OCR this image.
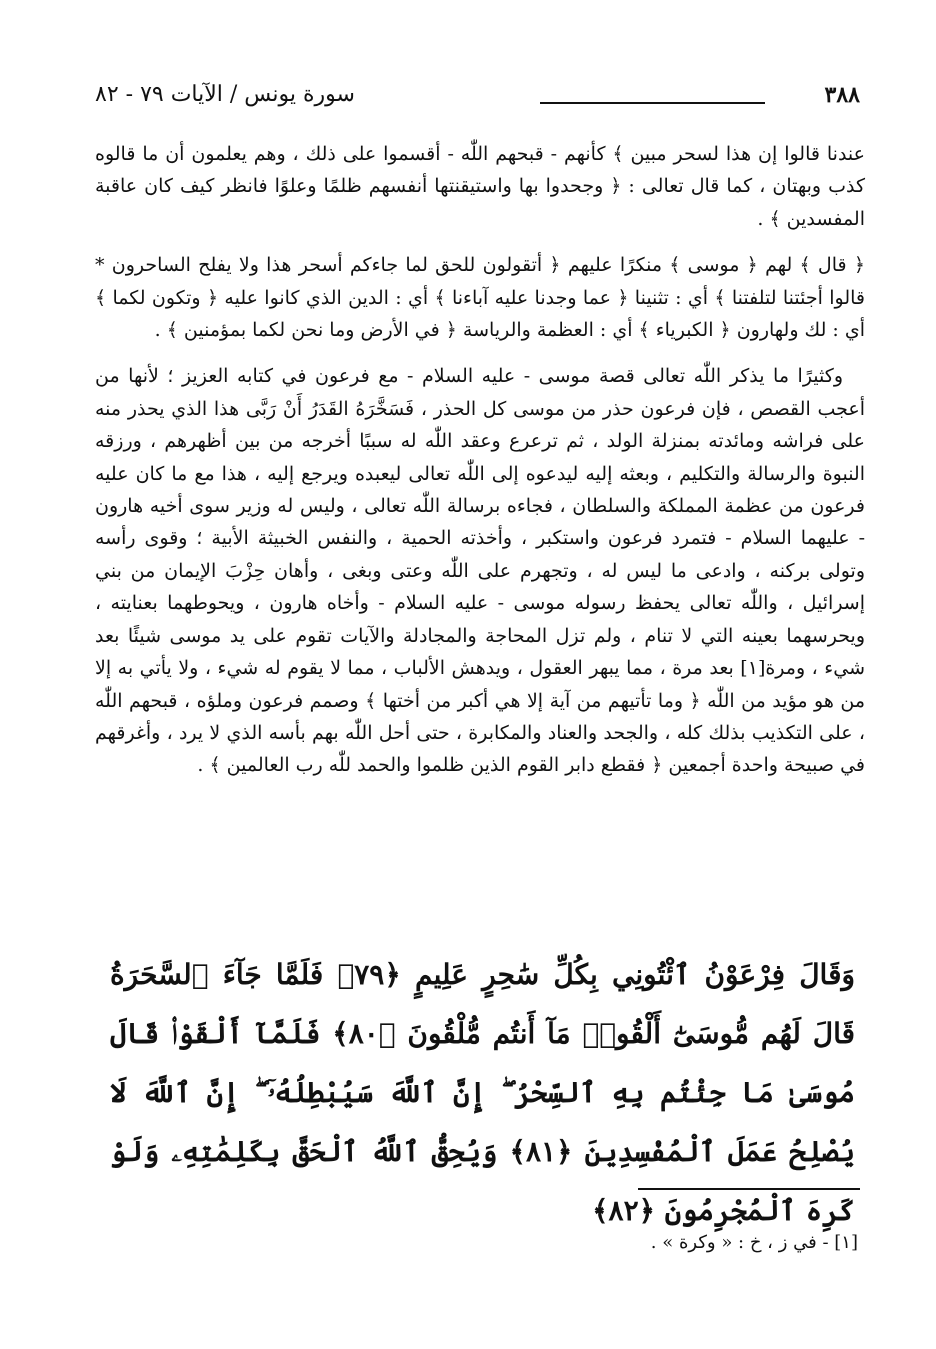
٣٨٨
سورة يونس / الآيات ٧٩ - ٨٢

عندنا قالوا إن هذا لسحر مبين ﴾ كأنهم - قبحهم اللّٰه - أقسموا على ذلك ، وهم يعلمون أن ما قالوه كذب وبهتان ، كما قال تعالى : ﴿ وجحدوا بها واستيقنتها أنفسهم ظلمًا وعلوًا فانظر كيف كان عاقبة المفسدين ﴾ .

﴿ قال ﴾ لهم ﴿ موسى ﴾ منكرًا عليهم ﴿ أتقولون للحق لما جاءكم أسحر هذا ولا يفلح الساحرون * قالوا أجئتنا لتلفتنا ﴾ أي : تثنينا ﴿ عما وجدنا عليه آباءنا ﴾ أي : الدين الذي كانوا عليه ﴿ وتكون لكما ﴾ أي : لك ولهارون ﴿ الكبرياء ﴾ أي : العظمة والرياسة ﴿ في الأرض وما نحن لكما بمؤمنين ﴾ .

وكثيرًا ما يذكر اللّٰه تعالى قصة موسى - عليه السلام - مع فرعون في كتابه العزيز ؛ لأنها من أعجب القصص ، فإن فرعون حذر من موسى كل الحذر ، فَسَخَّرَهُ القَدَرُ أَنْ رَبَّى هذا الذي يحذر منه على فراشه ومائدته بمنزلة الولد ، ثم ترعرع وعقد اللّٰه له سببًا أخرجه من بين أظهرهم ، ورزقه النبوة والرسالة والتكليم ، وبعثه إليه ليدعوه إلى اللّٰه تعالى ليعبده ويرجع إليه ، هذا مع ما كان عليه فرعون من عظمة المملكة والسلطان ، فجاءه برسالة اللّٰه تعالى ، وليس له وزير سوى أخيه هارون - عليهما السلام - فتمرد فرعون واستكبر ، وأخذته الحمية ، والنفس الخبيثة الأبية ؛ وقوى رأسه وتولى بركنه ، وادعى ما ليس له ، وتجهرم على اللّٰه وعتى وبغى ، وأهان حِزْبَ الإيمان من بني إسرائيل ، واللّٰه تعالى يحفظ رسوله موسى - عليه السلام - وأخاه هارون ، ويحوطهما بعنايته ، ويحرسهما بعينه التي لا تنام ، ولم تزل المحاجة والمجادلة والآيات تقوم على يد موسى شيئًا بعد شيء ، ومرة[١] بعد مرة ، مما يبهر العقول ، ويدهش الألباب ، مما لا يقوم له شيء ، ولا يأتي به إلا من هو مؤيد من اللّٰه ﴿ وما تأتيهم من آية إلا هي أكبر من أختها ﴾ وصمم فرعون وملؤه ، قبحهم اللّٰه ، على التكذيب بذلك كله ، والجحد والعناد والمكابرة ، حتى أحل اللّٰه بهم بأسه الذي لا يرد ، وأغرقهم في صبيحة واحدة أجمعين ﴿ فقطع دابر القوم الذين ظلموا والحمد للّٰه رب العالمين ﴾ .

وَقَالَ فِرْعَوْنُ ٱئْتُونِي بِكُلِّ سَٰحِرٍ عَلِيمٍ ﴿٧٩﴾ فَلَمَّا جَآءَ ٱلسَّحَرَةُ قَالَ لَهُم مُّوسَىٰٓ أَلْقُوا۟ مَآ أَنتُم مُّلْقُونَ ﴿٨٠﴾ فَلَمَّآ أَلْقَوْا۟ قَالَ مُوسَىٰ مَا جِئْتُم بِهِ ٱلسِّحْرُ ۖ إِنَّ ٱللَّهَ سَيُبْطِلُهُۥٓ ۖ إِنَّ ٱللَّهَ لَا يُصْلِحُ عَمَلَ ٱلْمُفْسِدِينَ ﴿٨١﴾ وَيُحِقُّ ٱللَّهُ ٱلْحَقَّ بِكَلِمَٰتِهِۦ وَلَوْ كَرِهَ ٱلْمُجْرِمُونَ ﴿٨٢﴾
[١] - في ز ، خ : « وكرة » .
